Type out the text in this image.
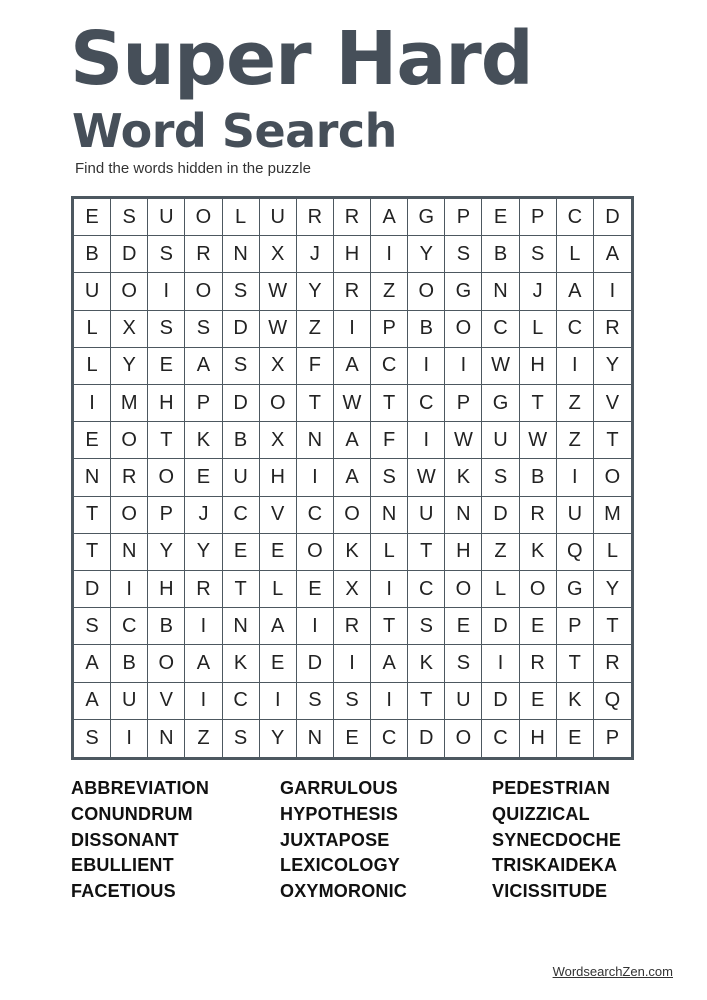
Super Hard
Word Search
Find the words hidden in the puzzle
E	S	U	O	L	U	R	R	A	G	P	E	P	C	D
B	D	S	R	N	X	J	H	I	Y	S	B	S	L	A
U	O	I	O	S	W	Y	R	Z	O	G	N	J	A	I
L	X	S	S	D	W	Z	I	P	B	O	C	L	C	R
L	Y	E	A	S	X	F	A	C	I	I	W	H	I	Y
I	M	H	P	D	O	T	W	T	C	P	G	T	Z	V
E	O	T	K	B	X	N	A	F	I	W	U	W	Z	T
N	R	O	E	U	H	I	A	S	W	K	S	B	I	O
T	O	P	J	C	V	C	O	N	U	N	D	R	U	M
T	N	Y	Y	E	E	O	K	L	T	H	Z	K	Q	L
D	I	H	R	T	L	E	X	I	C	O	L	O	G	Y
S	C	B	I	N	A	I	R	T	S	E	D	E	P	T
A	B	O	A	K	E	D	I	A	K	S	I	R	T	R
A	U	V	I	C	I	S	S	I	T	U	D	E	K	Q
S	I	N	Z	S	Y	N	E	C	D	O	C	H	E	P
ABBREVIATION
CONUNDRUM
DISSONANT
EBULLIENT
FACETIOUS
GARRULOUS
HYPOTHESIS
JUXTAPOSE
LEXICOLOGY
OXYMORONIC
PEDESTRIAN
QUIZZICAL
SYNECDOCHE
TRISKAIDEKA
VICISSITUDE
WordsearchZen.com
